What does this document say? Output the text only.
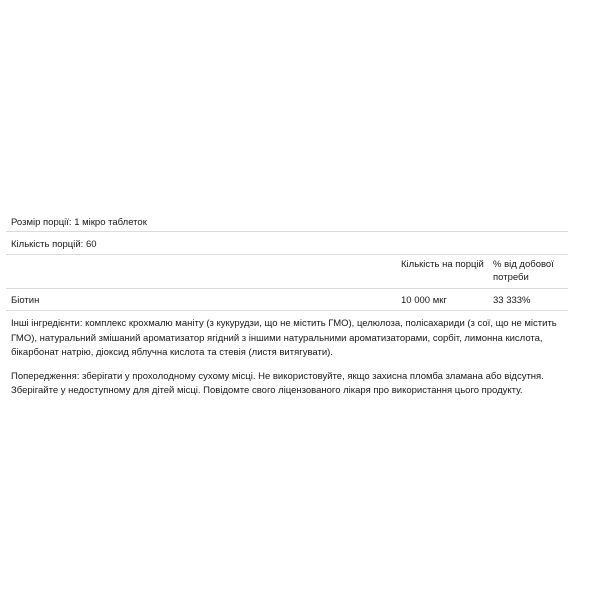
Розмір порції: 1 мікро таблеток
Кількість порцій: 60
Кількість на порцій % від добової потреби
Біотин	10 000 мкг	33 333%

Інші інгредієнти: комплекс крохмалю маніту (з кукурудзи, що не містить ГМО), целюлоза, полісахариди (з сої, що не містить ГМО), натуральний змішаний ароматизатор ягідний з іншими натуральними ароматизаторами, сорбіт, лимонна кислота, бікарбонат натрію, діоксид яблучна кислота та стевія (листя витягувати).

Попередження: зберігати у прохолодному сухому місці. Не використовуйте, якщо захисна пломба зламана або відсутня. Зберігайте у недоступному для дітей місці. Повідомте свого ліцензованого лікаря про використання цього продукту.
